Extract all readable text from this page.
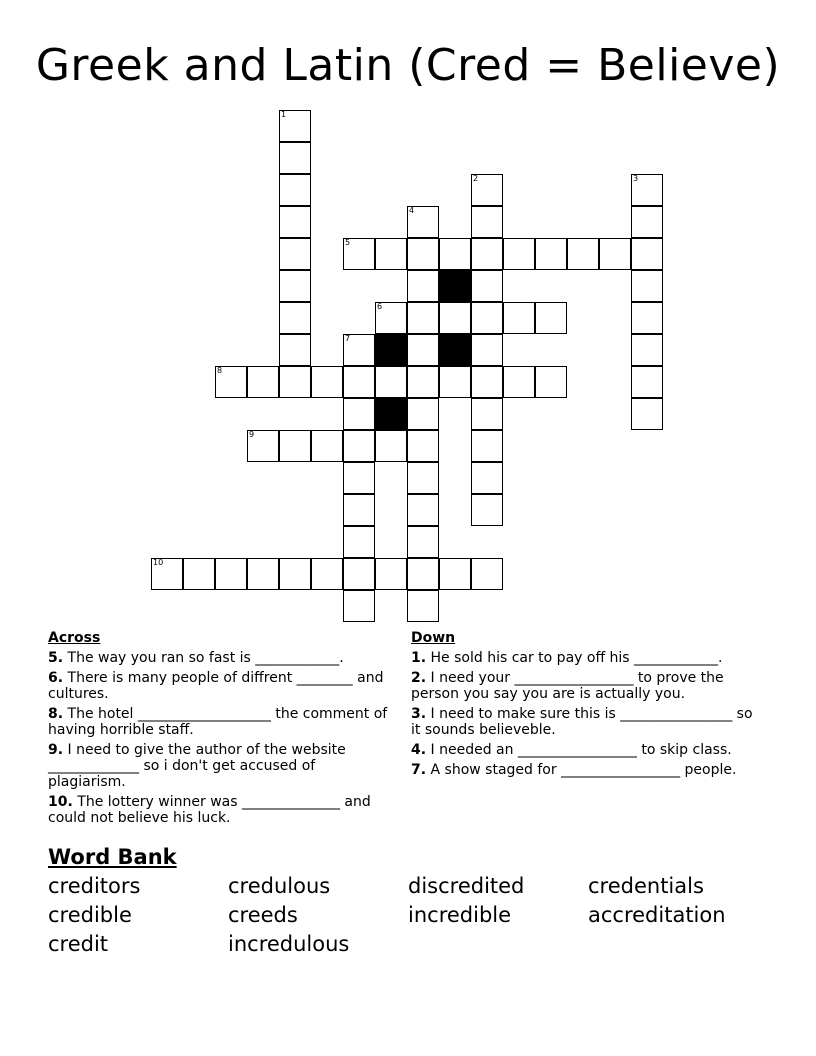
Greek and Latin (Cred = Believe)
1
2	3
4
5
6
7
8
9
10
Across
5. The way you ran so fast is ____________.
6. There is many people of diffrent ________ and cultures.
8. The hotel ___________________ the comment of having horrible staff.
9. I need to give the author of the website _____________ so i don't get accused of plagiarism.
10. The lottery winner was ______________ and could not believe his luck.
Down
1. He sold his car to pay off his ____________.
2. I need your _________________ to prove the person you say you are is actually you.
3. I need to make sure this is ________________ so it sounds believeble.
4. I needed an _________________ to skip class.
7. A show staged for _________________ people.
Word Bank
creditors	credulous	discredited	credentials
credible	creeds	incredible	accreditation
credit	incredulous
